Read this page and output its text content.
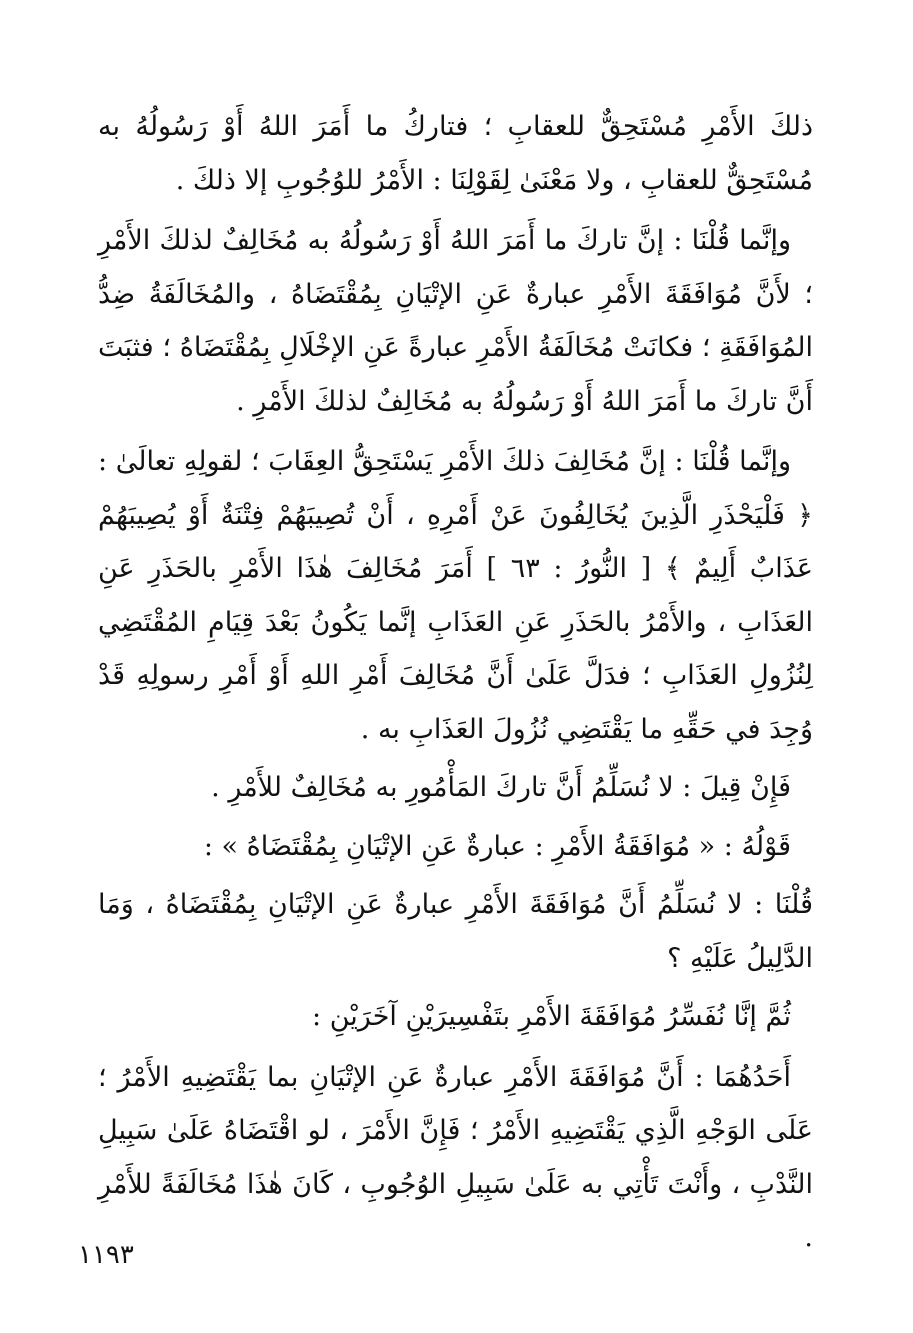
ذلكَ الأَمْرِ مُسْتَحِقٌّ للعقابِ ؛ فتاركُ ما أَمَرَ اللهُ أَوْ رَسُولُهُ به مُسْتَحِقٌّ للعقابِ ، ولا مَعْنَىٰ لِقَوْلِنَا : الأَمْرُ للوُجُوبِ إلا ذلكَ .

وإنَّما قُلْنَا : إنَّ تاركَ ما أَمَرَ اللهُ أَوْ رَسُولُهُ به مُخَالِفٌ لذلكَ الأَمْرِ ؛ لأَنَّ مُوَافَقَةَ الأَمْرِ عبارةٌ عَنِ الإتْيَانِ بِمُقْتَضَاهُ ، والمُخَالَفَةُ ضِدُّ المُوَافَقَةِ ؛ فكانَتْ مُخَالَفَةُ الأَمْرِ عبارةً عَنِ الإخْلَالِ بِمُقْتَضَاهُ ؛ فثبَتَ أَنَّ تاركَ ما أَمَرَ اللهُ أَوْ رَسُولُهُ به مُخَالِفٌ لذلكَ الأَمْرِ .

وإنَّما قُلْنَا : إنَّ مُخَالِفَ ذلكَ الأَمْرِ يَسْتَحِقُّ العِقَابَ ؛ لقولِهِ تعالَىٰ : ﴿ فَلْيَحْذَرِ الَّذِينَ يُخَالِفُونَ عَنْ أَمْرِهِ ، أَنْ تُصِيبَهُمْ فِتْنَةٌ أَوْ يُصِيبَهُمْ عَذَابٌ أَلِيمٌ ﴾ [ النُّورُ : ٦٣ ] أَمَرَ مُخَالِفَ هٰذَا الأَمْرِ بالحَذَرِ عَنِ العَذَابِ ، والأَمْرُ بالحَذَرِ عَنِ العَذَابِ إنَّما يَكُونُ بَعْدَ قِيَامِ المُقْتَضِي لِنُزُولِ العَذَابِ ؛ فدَلَّ عَلَىٰ أَنَّ مُخَالِفَ أَمْرِ اللهِ أَوْ أَمْرِ رسولِهِ قَدْ وُجِدَ في حَقِّهِ ما يَقْتَضِي نُزُولَ العَذَابِ به .

فَإِنْ قِيلَ : لا نُسَلِّمُ أَنَّ تاركَ المَأْمُورِ به مُخَالِفٌ للأَمْرِ .

قَوْلُهُ : « مُوَافَقَةُ الأَمْرِ : عبارةٌ عَنِ الإتْيَانِ بِمُقْتَضَاهُ » :

قُلْنَا : لا نُسَلِّمُ أَنَّ مُوَافَقَةَ الأَمْرِ عبارةٌ عَنِ الإتْيَانِ بِمُقْتَضَاهُ ، وَمَا الدَّلِيلُ عَلَيْهِ ؟

ثُمَّ إنَّا نُفَسِّرُ مُوَافَقَةَ الأَمْرِ بتَفْسِيرَيْنِ آخَرَيْنِ :

أَحَدُهُمَا : أَنَّ مُوَافَقَةَ الأَمْرِ عبارةٌ عَنِ الإتْيَانِ بما يَقْتَضِيهِ الأَمْرُ ؛ عَلَى الوَجْهِ الَّذِي يَقْتَضِيهِ الأَمْرُ ؛ فَإِنَّ الأَمْرَ ، لو اقْتَضَاهُ عَلَىٰ سَبِيلِ النَّدْبِ ، وأَنْتَ تَأْتِي به عَلَىٰ سَبِيلِ الوُجُوبِ ، كَانَ هٰذَا مُخَالَفَةً للأَمْرِ .

١١٩٣
